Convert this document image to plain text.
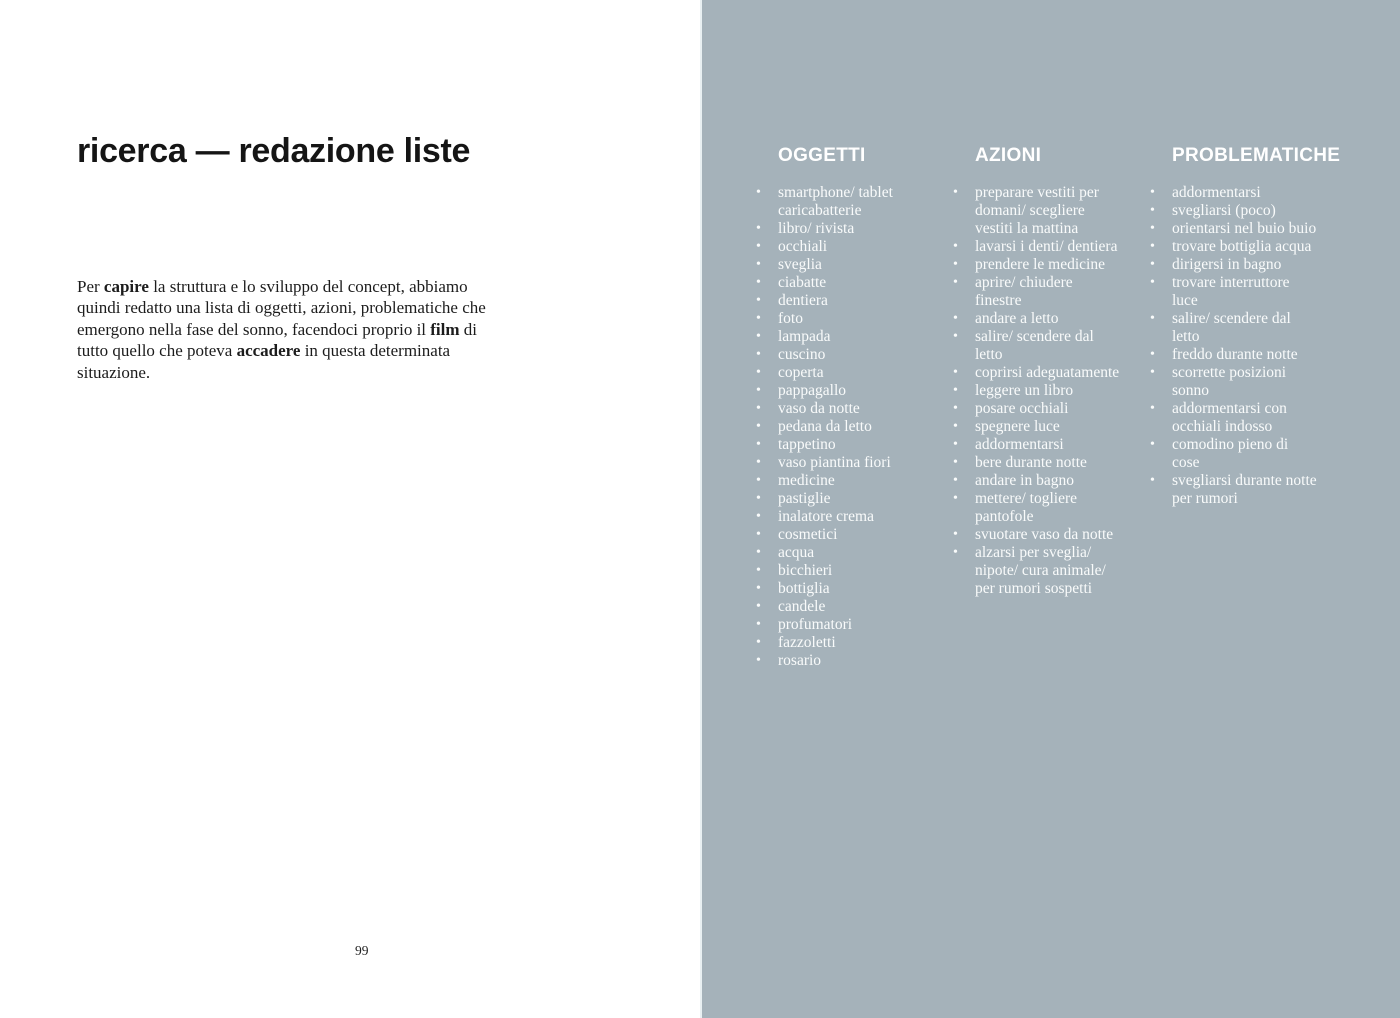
ricerca — redazione liste

Per capire la struttura e lo sviluppo del concept, abbiamo quindi redatto una lista di oggetti, azioni, problematiche che emergono nella fase del sonno, facendoci proprio il film di tutto quello che poteva accadere in questa determinata situazione.

99
OGGETTI
• smartphone/ tablet caricabatterie
• libro/ rivista
• occhiali
• sveglia
• ciabatte
• dentiera
• foto
• lampada
• cuscino
• coperta
• pappagallo
• vaso da notte
• pedana da letto
• tappetino
• vaso piantina fiori
• medicine
• pastiglie
• inalatore crema
• cosmetici
• acqua
• bicchieri
• bottiglia
• candele
• profumatori
• fazzoletti
• rosario
AZIONI
• preparare vestiti per domani/ scegliere vestiti la mattina
• lavarsi i denti/ dentiera
• prendere le medicine
• aprire/ chiudere finestre
• andare a letto
• salire/ scendere dal letto
• coprirsi adeguatamente
• leggere un libro
• posare occhiali
• spegnere luce
• addormentarsi
• bere durante notte
• andare in bagno
• mettere/ togliere pantofole
• svuotare vaso da notte
• alzarsi per sveglia/ nipote/ cura animale/ per rumori sospetti
PROBLEMATICHE
• addormentarsi
• svegliarsi (poco)
• orientarsi nel buio buio
• trovare bottiglia acqua
• dirigersi in bagno
• trovare interruttore luce
• salire/ scendere dal letto
• freddo durante notte
• scorrette posizioni sonno
• addormentarsi con occhiali indosso
• comodino pieno di cose
• svegliarsi durante notte per rumori
